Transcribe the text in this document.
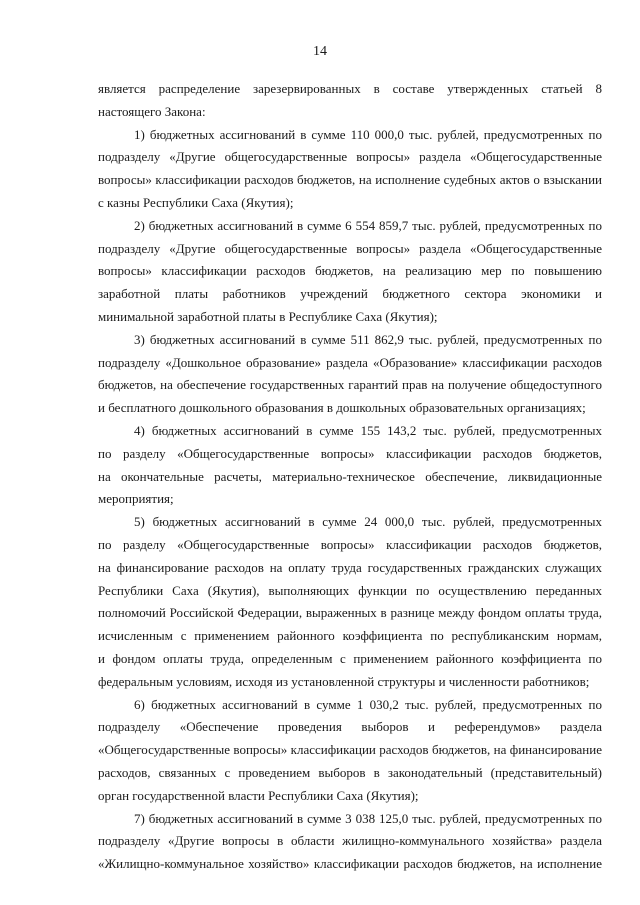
14
является распределение зарезервированных в составе утвержденных статьей 8
настоящего Закона:
1) бюджетных ассигнований в сумме 110 000,0 тыс. рублей, предусмотренных по
подразделу «Другие общегосударственные вопросы» раздела «Общегосударственные
вопросы» классификации расходов бюджетов, на исполнение судебных актов о взыскании
с казны Республики Саха (Якутия);
2) бюджетных ассигнований в сумме 6 554 859,7 тыс. рублей, предусмотренных по
подразделу «Другие общегосударственные вопросы» раздела «Общегосударственные
вопросы» классификации расходов бюджетов, на реализацию мер по повышению
заработной платы работников учреждений бюджетного сектора экономики и
минимальной заработной платы в Республике Саха (Якутия);
3) бюджетных ассигнований в сумме 511 862,9 тыс. рублей, предусмотренных по
подразделу «Дошкольное образование» раздела «Образование» классификации расходов
бюджетов, на обеспечение государственных гарантий прав на получение общедоступного
и бесплатного дошкольного образования в дошкольных образовательных организациях;
4) бюджетных ассигнований в сумме 155 143,2 тыс. рублей, предусмотренных
по разделу «Общегосударственные вопросы» классификации расходов бюджетов,
на окончательные расчеты, материально-техническое обеспечение, ликвидационные
мероприятия;
5) бюджетных ассигнований в сумме 24 000,0 тыс. рублей, предусмотренных
по разделу «Общегосударственные вопросы» классификации расходов бюджетов,
на финансирование расходов на оплату труда государственных гражданских служащих
Республики Саха (Якутия), выполняющих функции по осуществлению переданных
полномочий Российской Федерации, выраженных в разнице между фондом оплаты труда,
исчисленным с применением районного коэффициента по республиканским нормам,
и фондом оплаты труда, определенным с применением районного коэффициента по
федеральным условиям, исходя из установленной структуры и численности работников;
6) бюджетных ассигнований в сумме 1 030,2 тыс. рублей, предусмотренных по
подразделу «Обеспечение проведения выборов и референдумов» раздела
«Общегосударственные вопросы» классификации расходов бюджетов, на финансирование
расходов, связанных с проведением выборов в законодательный (представительный)
орган государственной власти Республики Саха (Якутия);
7) бюджетных ассигнований в сумме 3 038 125,0 тыс. рублей, предусмотренных по
подразделу «Другие вопросы в области жилищно-коммунального хозяйства» раздела
«Жилищно-коммунальное хозяйство» классификации расходов бюджетов, на исполнение
